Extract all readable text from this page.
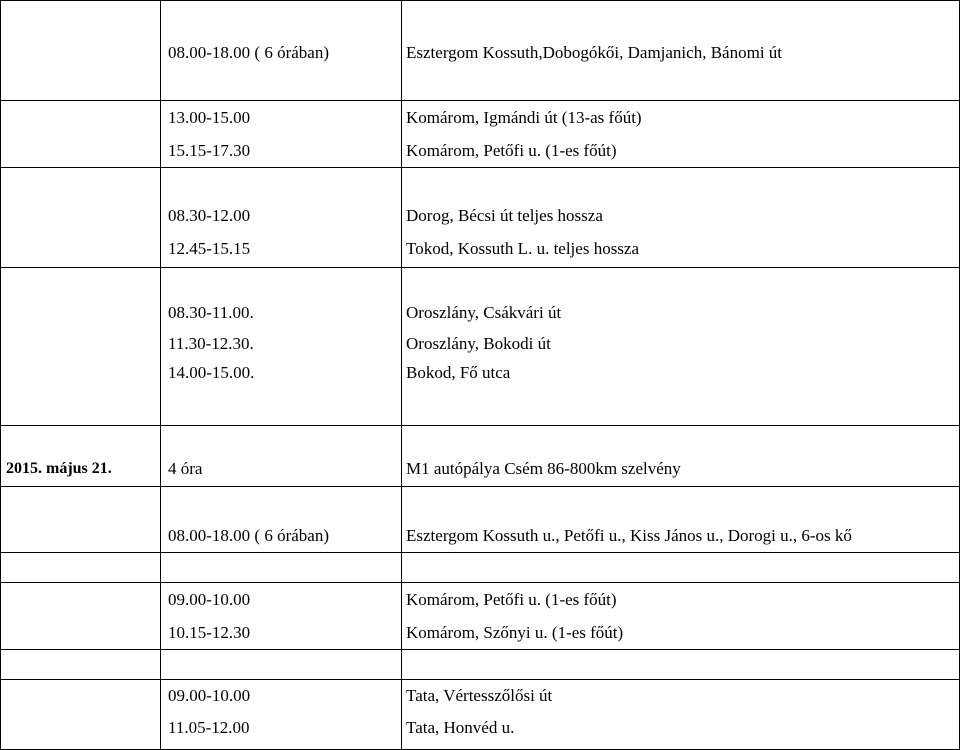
08.00-18.00 ( 6 órában)	Esztergom Kossuth,Dobogókői, Damjanich, Bánomi út
13.00-15.00	Komárom, Igmándi út (13-as főút)
15.15-17.30	Komárom, Petőfi u. (1-es főút)
08.30-12.00	Dorog, Bécsi út teljes hossza
12.45-15.15	Tokod, Kossuth L. u. teljes hossza
08.30-11.00.	Oroszlány, Csákvári út
11.30-12.30.	Oroszlány, Bokodi út
14.00-15.00.	Bokod, Fő utca
2015. május 21.	4 óra	M1 autópálya Csém 86-800km szelvény
08.00-18.00 ( 6 órában)	Esztergom Kossuth u., Petőfi u., Kiss János u., Dorogi u., 6-os kő
09.00-10.00	Komárom, Petőfi u. (1-es főút)
10.15-12.30	Komárom, Szőnyi u. (1-es főút)
09.00-10.00	Tata, Vértesszőlősi út
11.05-12.00	Tata, Honvéd u.
